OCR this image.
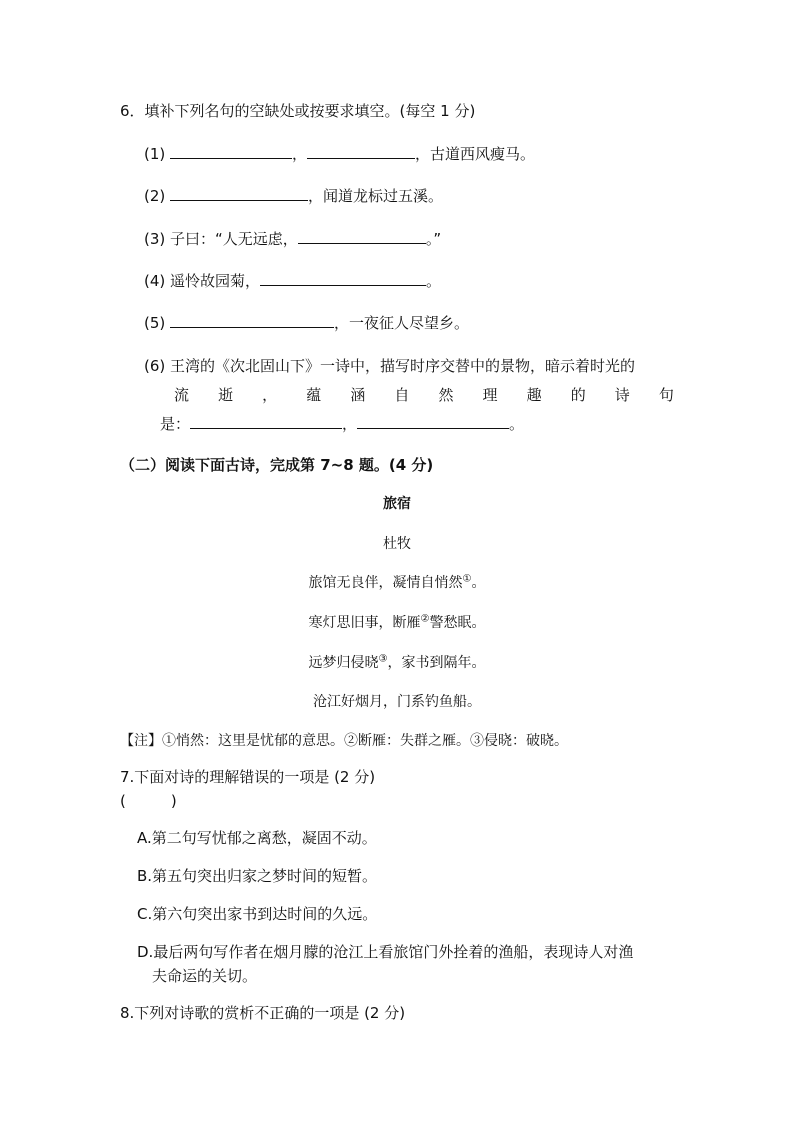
6．填补下列名句的空缺处或按要求填空。(每空 1 分)
(1)	，	，古道西风瘦马。
(2)	，闻道龙标过五溪。
(3) 子曰：“人无远虑，	。”
(4) 遥怜故园菊，	。
(5)	，一夜征人尽望乡。
(6) 王湾的《次北固山下》一诗中，描写时序交替中的景物，暗示着时光的
流 逝 ， 蕴 涵 自 然 理 趣 的 诗 句
是：	，	。
（二）阅读下面古诗，完成第 7~8 题。(4 分)
旅宿
杜牧
旅馆无良伴，凝情自悄然①。
寒灯思旧事，断雁②警愁眠。
远梦归侵晓③，家书到隔年。
沧江好烟月，门系钓鱼船。
【注】①悄然：这里是忧郁的意思。②断雁：失群之雁。③侵晓：破晓。
7.下面对诗的理解错误的一项是 (2 分)
(　　　)
A.第二句写忧郁之离愁，凝固不动。
B.第五句突出归家之梦时间的短暂。
C.第六句突出家书到达时间的久远。
D.最后两句写作者在烟月朦的沧江上看旅馆门外拴着的渔船，表现诗人对渔
夫命运的关切。
8.下列对诗歌的赏析不正确的一项是 (2 分)
